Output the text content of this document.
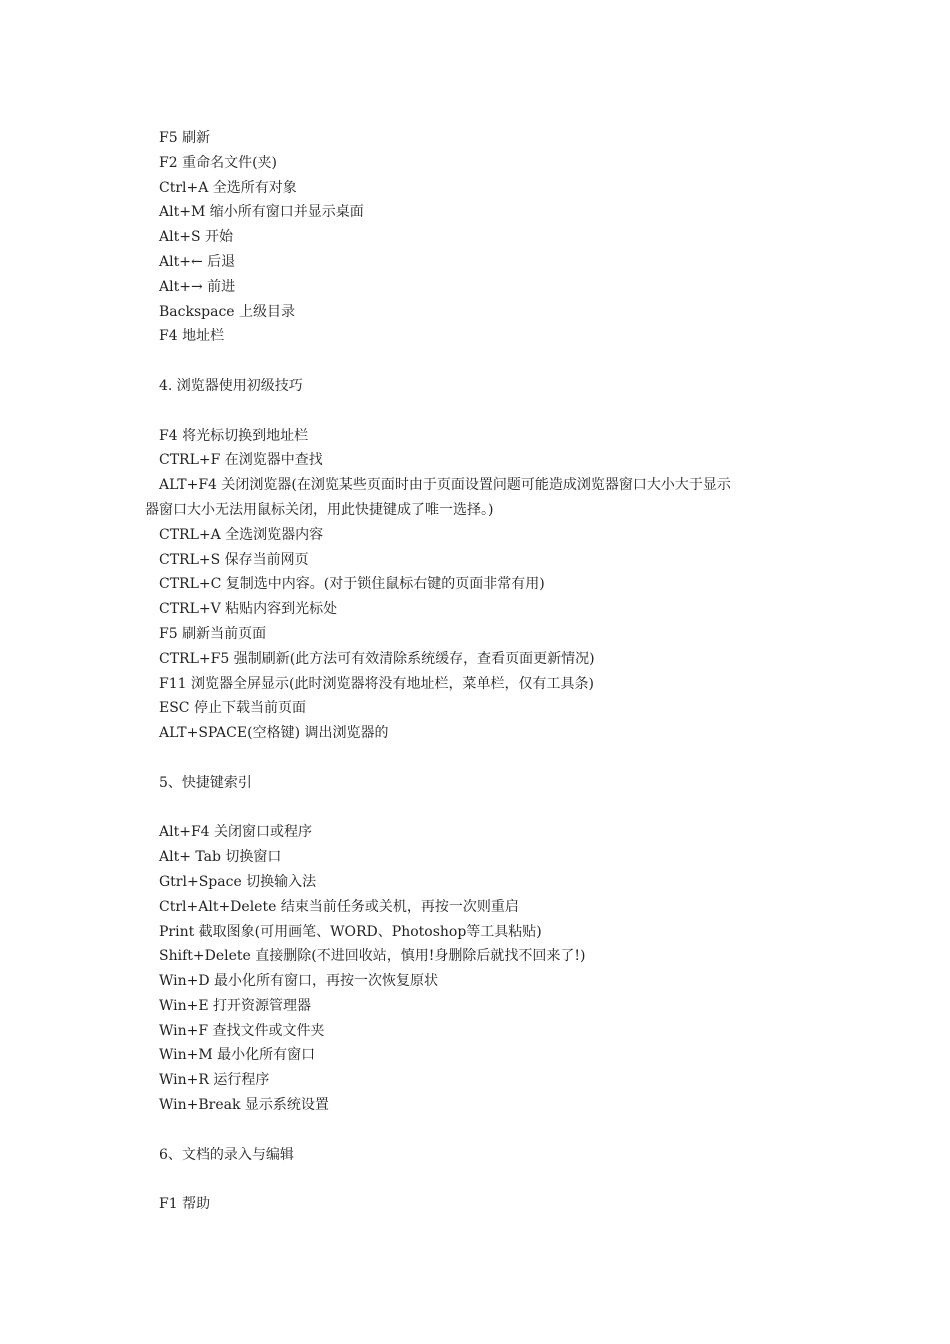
F5 刷新
F2 重命名文件(夹)
Ctrl+A 全选所有对象
Alt+M 缩小所有窗口并显示桌面
Alt+S 开始
Alt+← 后退
Alt+→ 前进
Backspace 上级目录
F4 地址栏
4. 浏览器使用初级技巧
F4 将光标切换到地址栏
CTRL+F 在浏览器中查找
ALT+F4 关闭浏览器(在浏览某些页面时由于页面设置问题可能造成浏览器窗口大小大于显示
器窗口大小无法用鼠标关闭，用此快捷键成了唯一选择。)
CTRL+A 全选浏览器内容
CTRL+S 保存当前网页
CTRL+C 复制选中内容。(对于锁住鼠标右键的页面非常有用)
CTRL+V 粘贴内容到光标处
F5 刷新当前页面
CTRL+F5 强制刷新(此方法可有效清除系统缓存，查看页面更新情况)
F11 浏览器全屏显示(此时浏览器将没有地址栏，菜单栏，仅有工具条)
ESC 停止下载当前页面
ALT+SPACE(空格键) 调出浏览器的
5、快捷键索引
Alt+F4 关闭窗口或程序
Alt+ Tab 切换窗口
Gtrl+Space 切换输入法
Ctrl+Alt+Delete 结束当前任务或关机，再按一次则重启
Print 截取图象(可用画笔、WORD、Photoshop等工具粘贴)
Shift+Delete 直接删除(不进回收站，慎用!身删除后就找不回来了!)
Win+D 最小化所有窗口，再按一次恢复原状
Win+E 打开资源管理器
Win+F 查找文件或文件夹
Win+M 最小化所有窗口
Win+R 运行程序
Win+Break 显示系统设置
6、文档的录入与编辑
F1 帮助
